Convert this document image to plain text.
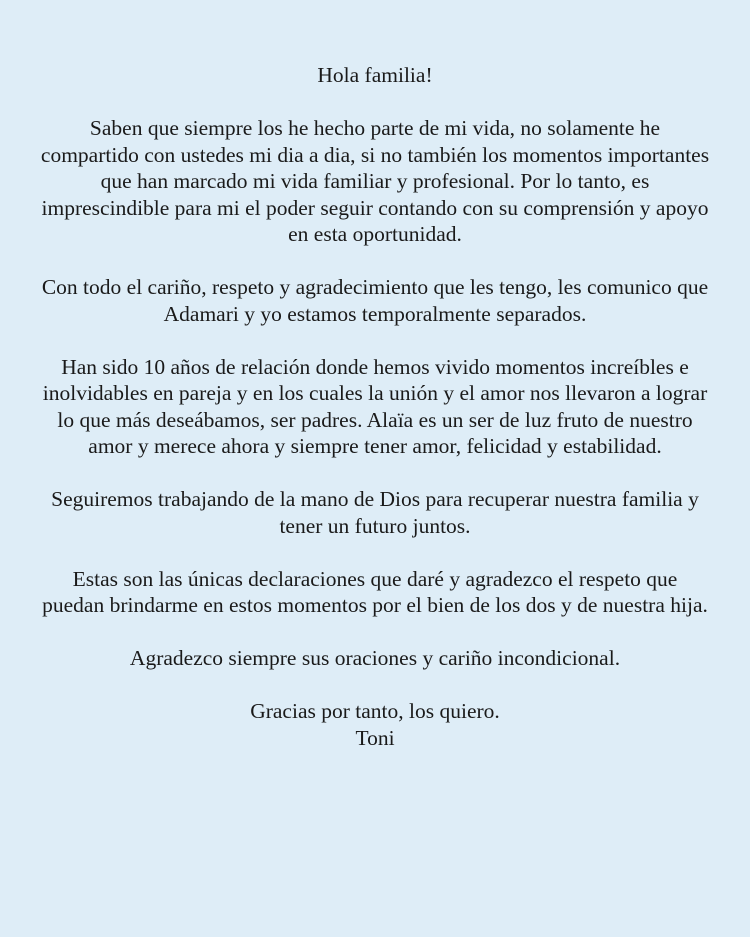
Hola familia!

Saben que siempre los he hecho parte de mi vida, no solamente he compartido con ustedes mi dia a dia, si no también los momentos importantes que han marcado mi vida familiar y profesional. Por lo tanto, es imprescindible para mi el poder seguir contando con su comprensión y apoyo en esta oportunidad.

Con todo el cariño, respeto y agradecimiento que les tengo, les comunico que Adamari y yo estamos temporalmente separados.

Han sido 10 años de relación donde hemos vivido momentos increíbles e inolvidables en pareja y en los cuales la unión y el amor nos llevaron a lograr lo que más deseábamos, ser padres. Alaïa es un ser de luz fruto de nuestro amor y merece ahora y siempre tener amor, felicidad y estabilidad.

Seguiremos trabajando de la mano de Dios para recuperar nuestra familia y tener un futuro juntos.

Estas son las únicas declaraciones que daré y agradezco el respeto que puedan brindarme en estos momentos por el bien de los dos y de nuestra hija.

Agradezco siempre sus oraciones y cariño incondicional.

Gracias por tanto, los quiero.

Toni
